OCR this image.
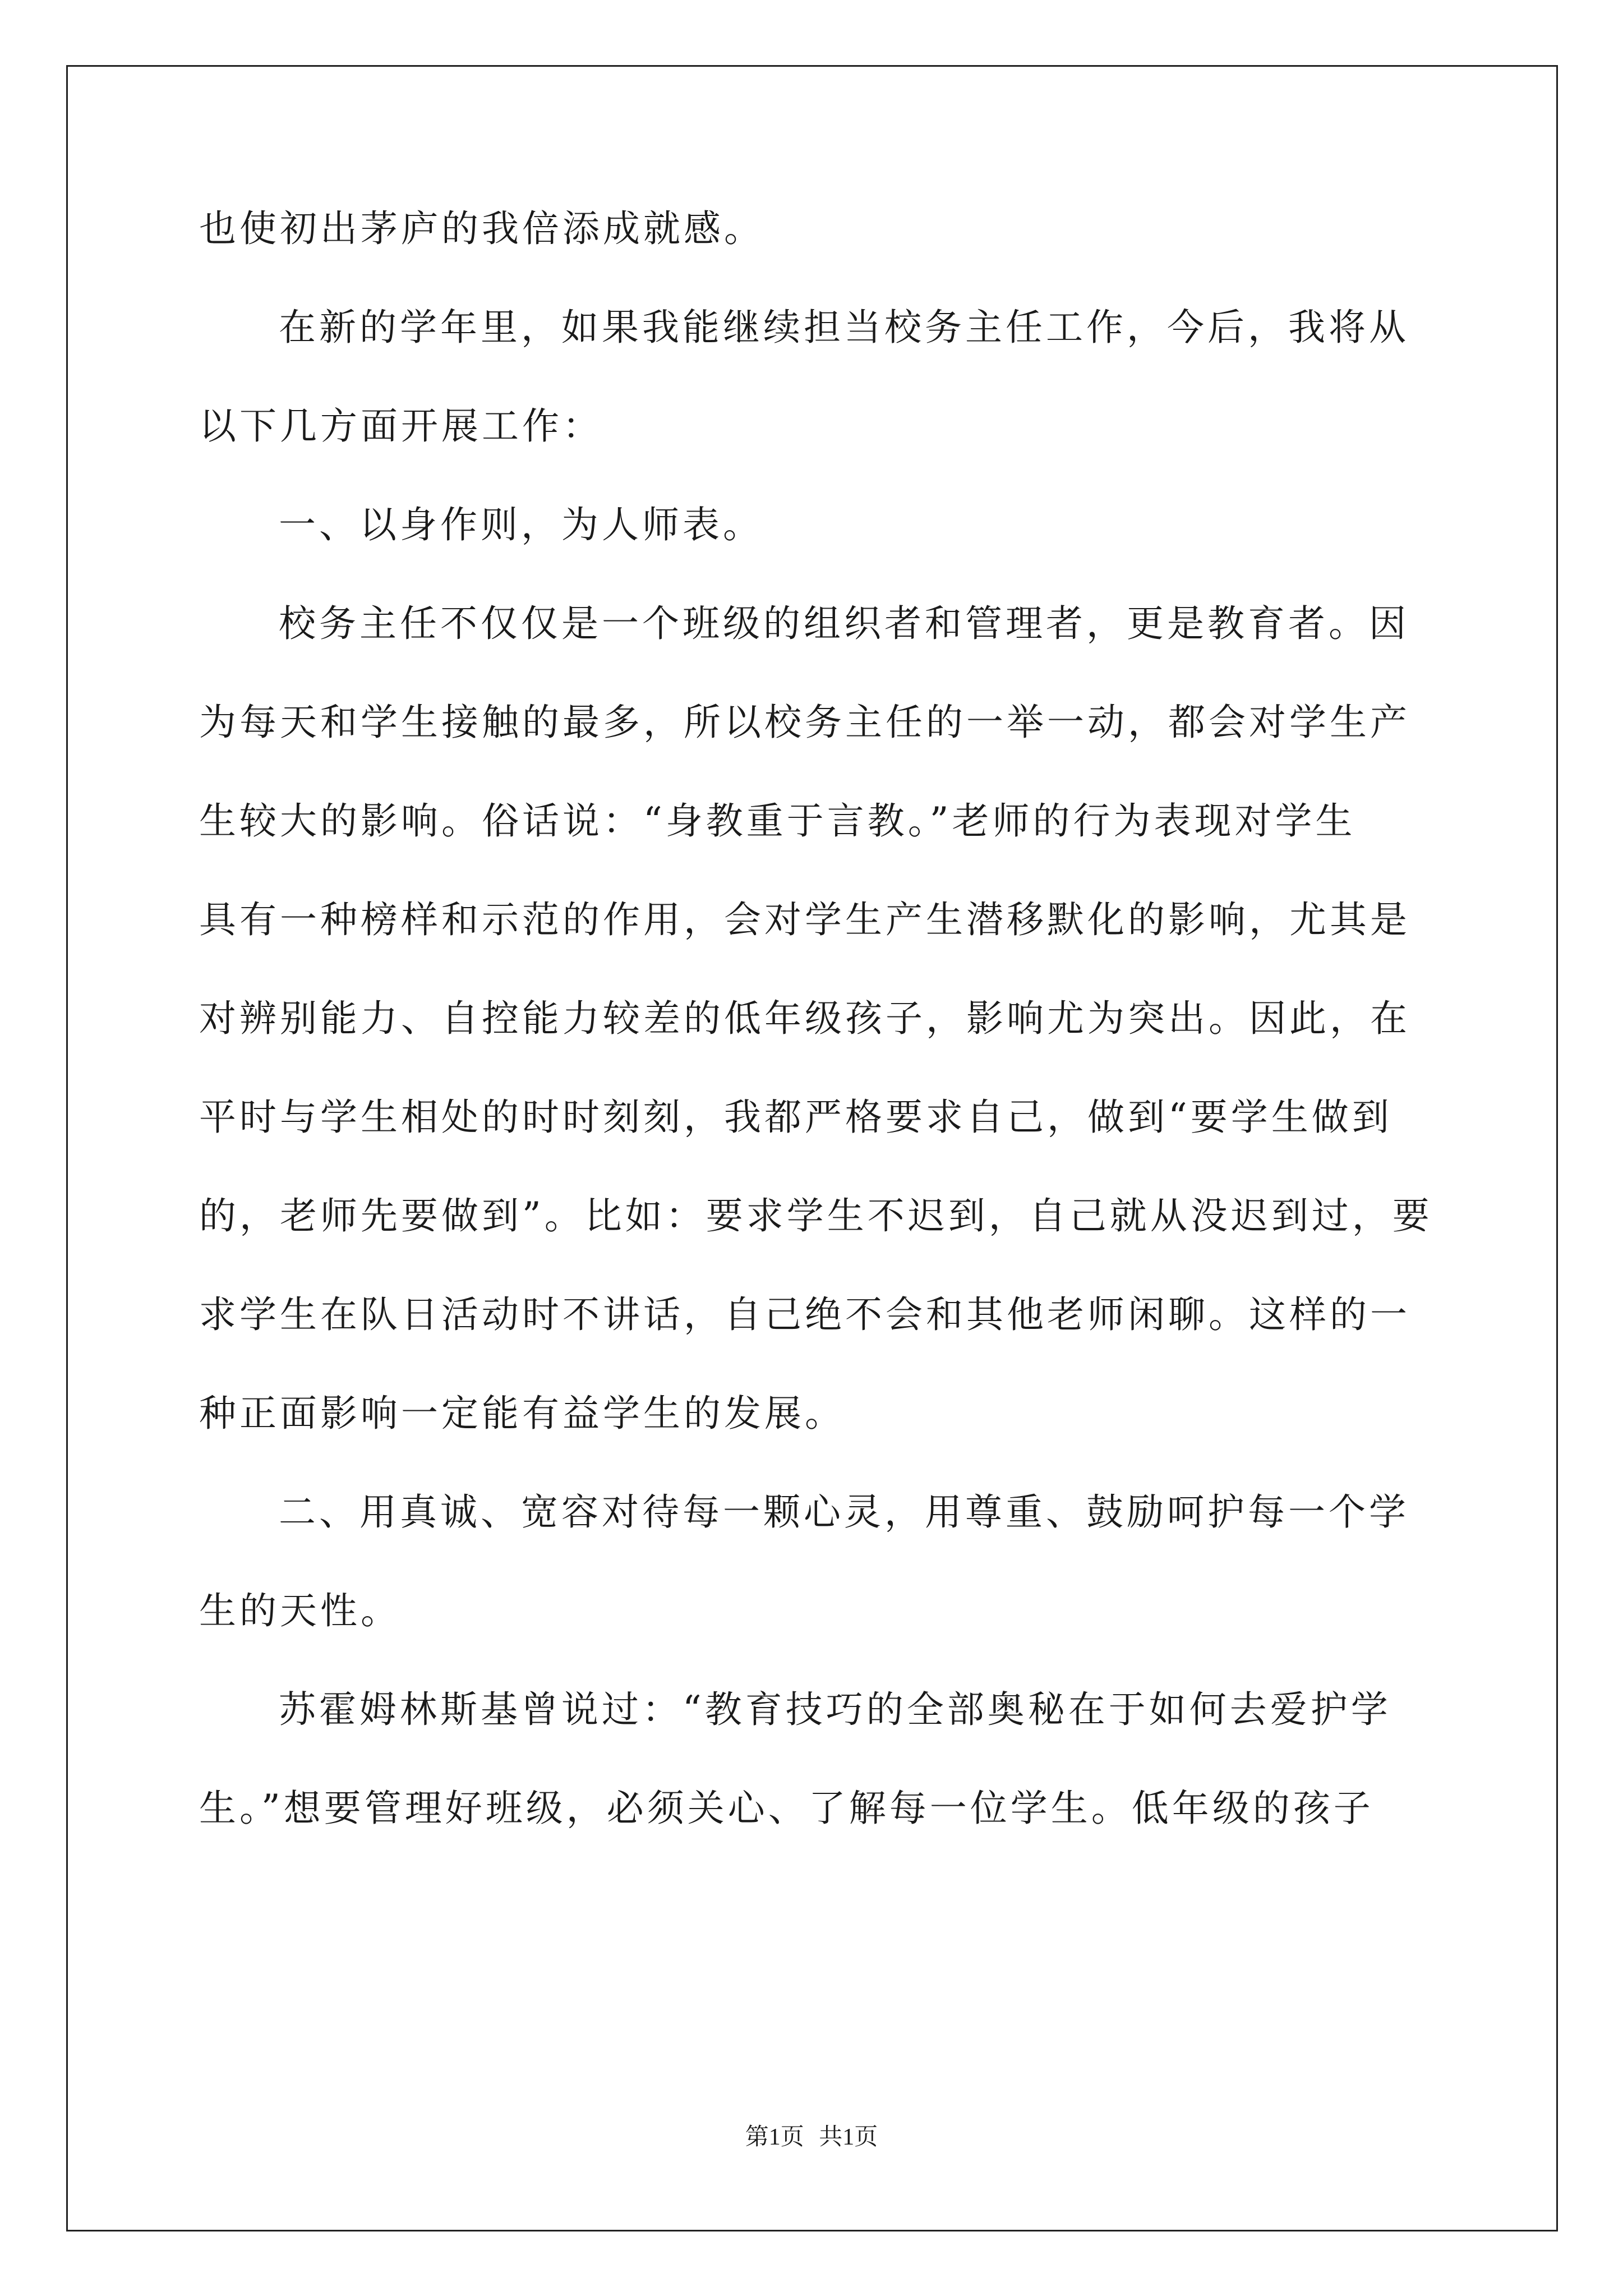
也使初出茅庐的我倍添成就感。
在新的学年里，如果我能继续担当校务主任工作，今后，我将从
以下几方面开展工作：
一、以身作则，为人师表。
校务主任不仅仅是一个班级的组织者和管理者，更是教育者。因
为每天和学生接触的最多，所以校务主任的一举一动，都会对学生产
生较大的影响。俗话说：“身教重于言教。”老师的行为表现对学生
具有一种榜样和示范的作用，会对学生产生潜移默化的影响，尤其是
对辨别能力、自控能力较差的低年级孩子，影响尤为突出。因此，在
平时与学生相处的时时刻刻，我都严格要求自己，做到“要学生做到
的，老师先要做到”。比如：要求学生不迟到，自己就从没迟到过，要
求学生在队日活动时不讲话，自己绝不会和其他老师闲聊。这样的一
种正面影响一定能有益学生的发展。
二、用真诚、宽容对待每一颗心灵，用尊重、鼓励呵护每一个学
生的天性。
苏霍姆林斯基曾说过：“教育技巧的全部奥秘在于如何去爱护学
生。”想要管理好班级，必须关心、了解每一位学生。低年级的孩子
第1页 共1页
